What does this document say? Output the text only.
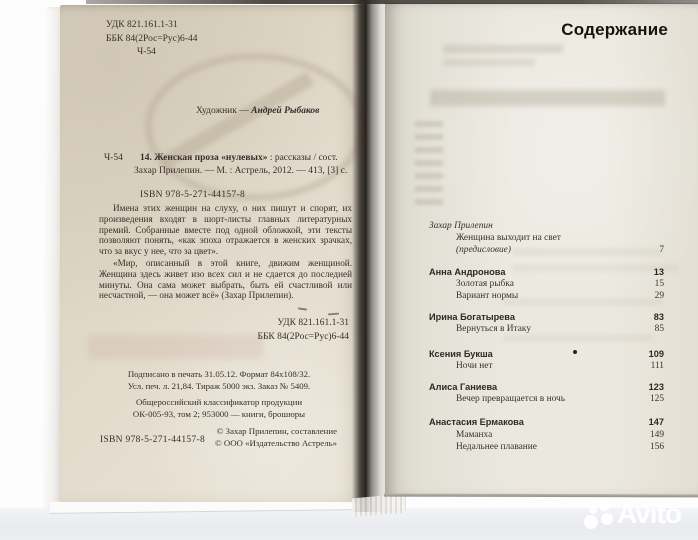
УДК 821.161.1-31
ББК 84(2Рос=Рус)6-44
Ч-54
Художник — Андрей Рыбаков
Ч-54	14. Женская проза «нулевых» : рассказы / сост.
Захар Прилепин. — М. : Астрель, 2012. — 413, [3] с.
ISBN 978-5-271-44157-8

Имена этих женщин на слуху, о них пишут и спорят, их произведения входят в шорт-листы главных литературных премий. Собранные вместе под одной обложкой, эти тексты позволяют понять, «как эпоха отражается в женских зрачках, что за вкус у нее, что за цвет».

«Мир, описанный в этой книге, движим женщиной. Женщина здесь живет изо всех сил и не сдается до последней минуты. Она сама может выбрать, быть ей счастливой или несчастной, — она может всё» (Захар Прилепин).

УДК 821.161.1-31
ББК 84(2Рос=Рус)6-44
Подписано в печать 31.05.12. Формат 84x108/32.
Усл. печ. л. 21,84. Тираж 5000 экз. Заказ № 5409.
Общероссийский классификатор продукции
ОК-005-93, том 2; 953000 — книги, брошюры
ISBN 978-5-271-44157-8
© Захар Прилепин, составление
© ООО «Издательство Астрель»
Содержание
Захар Прилепин
Женщина выходит на свет
(предисловие)	7
Анна Андронова	13
Золотая рыбка	15
Вариант нормы	29
Ирина Богатырева	83
Вернуться в Итаку	85
Ксения Букша	109
Ночи нет	111
Алиса Ганиева	123
Вечер превращается в ночь	125
Анастасия Ермакова	147
Маманха	149
Недальнее плавание	156
Avito
